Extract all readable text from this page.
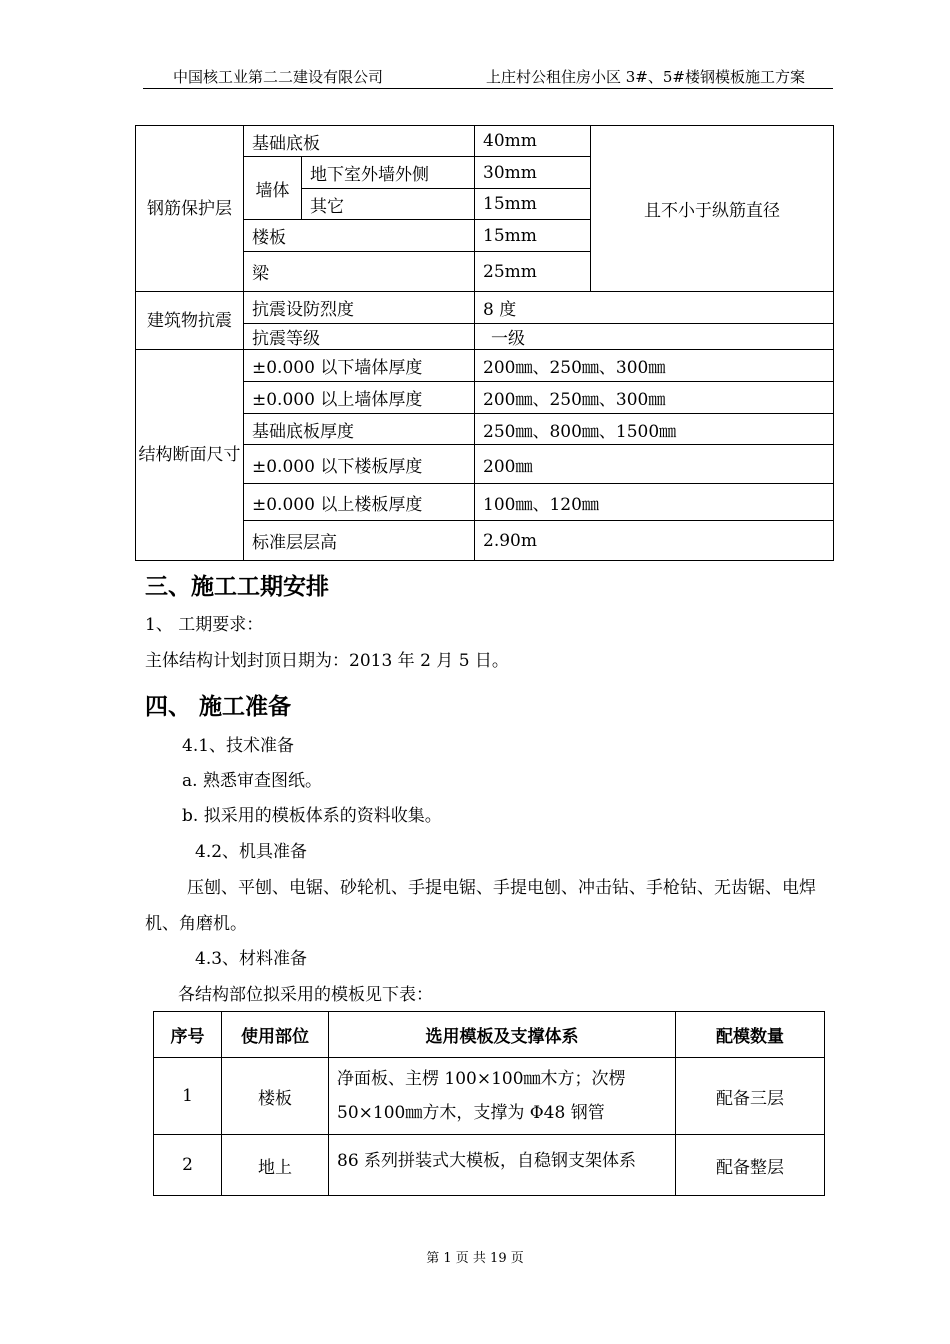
中国核工业第二二建设有限公司	上庄村公租住房小区 3#、5#楼钢模板施工方案
钢筋保护层	基础底板		40mm	且不小于纵筋直径
	墙体	地下室外墙外侧	30mm	
		其它	15mm	
	楼板		15mm	
	梁		25mm	
建筑物抗震	抗震设防烈度		8 度	
	抗震等级		一级	
结构断面尺寸	±0.000 以下墙体厚度		200㎜、250㎜、300㎜	
	±0.000 以上墙体厚度		200㎜、250㎜、300㎜	
	基础底板厚度		250㎜、800㎜、1500㎜	
	±0.000 以下楼板厚度		200㎜	
	±0.000 以上楼板厚度		100㎜、120㎜	
	标准层层高		2.90m	
三、施工工期安排
1、 工期要求：
主体结构计划封顶日期为：2013 年 2 月 5 日。
四、 施工准备
4.1、技术准备
a. 熟悉审查图纸。
b. 拟采用的模板体系的资料收集。
4.2、机具准备
压刨、平刨、电锯、砂轮机、手提电锯、手提电刨、冲击钻、手枪钻、无齿锯、电焊
机、角磨机。
4.3、材料准备
各结构部位拟采用的模板见下表：
序号	使用部位	选用模板及支撑体系	配模数量
1	楼板	净面板、主楞 100×100㎜木方；次楞 50×100㎜方木，支撑为 Φ48 钢管	配备三层
2	地上	86 系列拼装式大模板，自稳钢支架体系	配备整层
第 1 页 共 19 页
